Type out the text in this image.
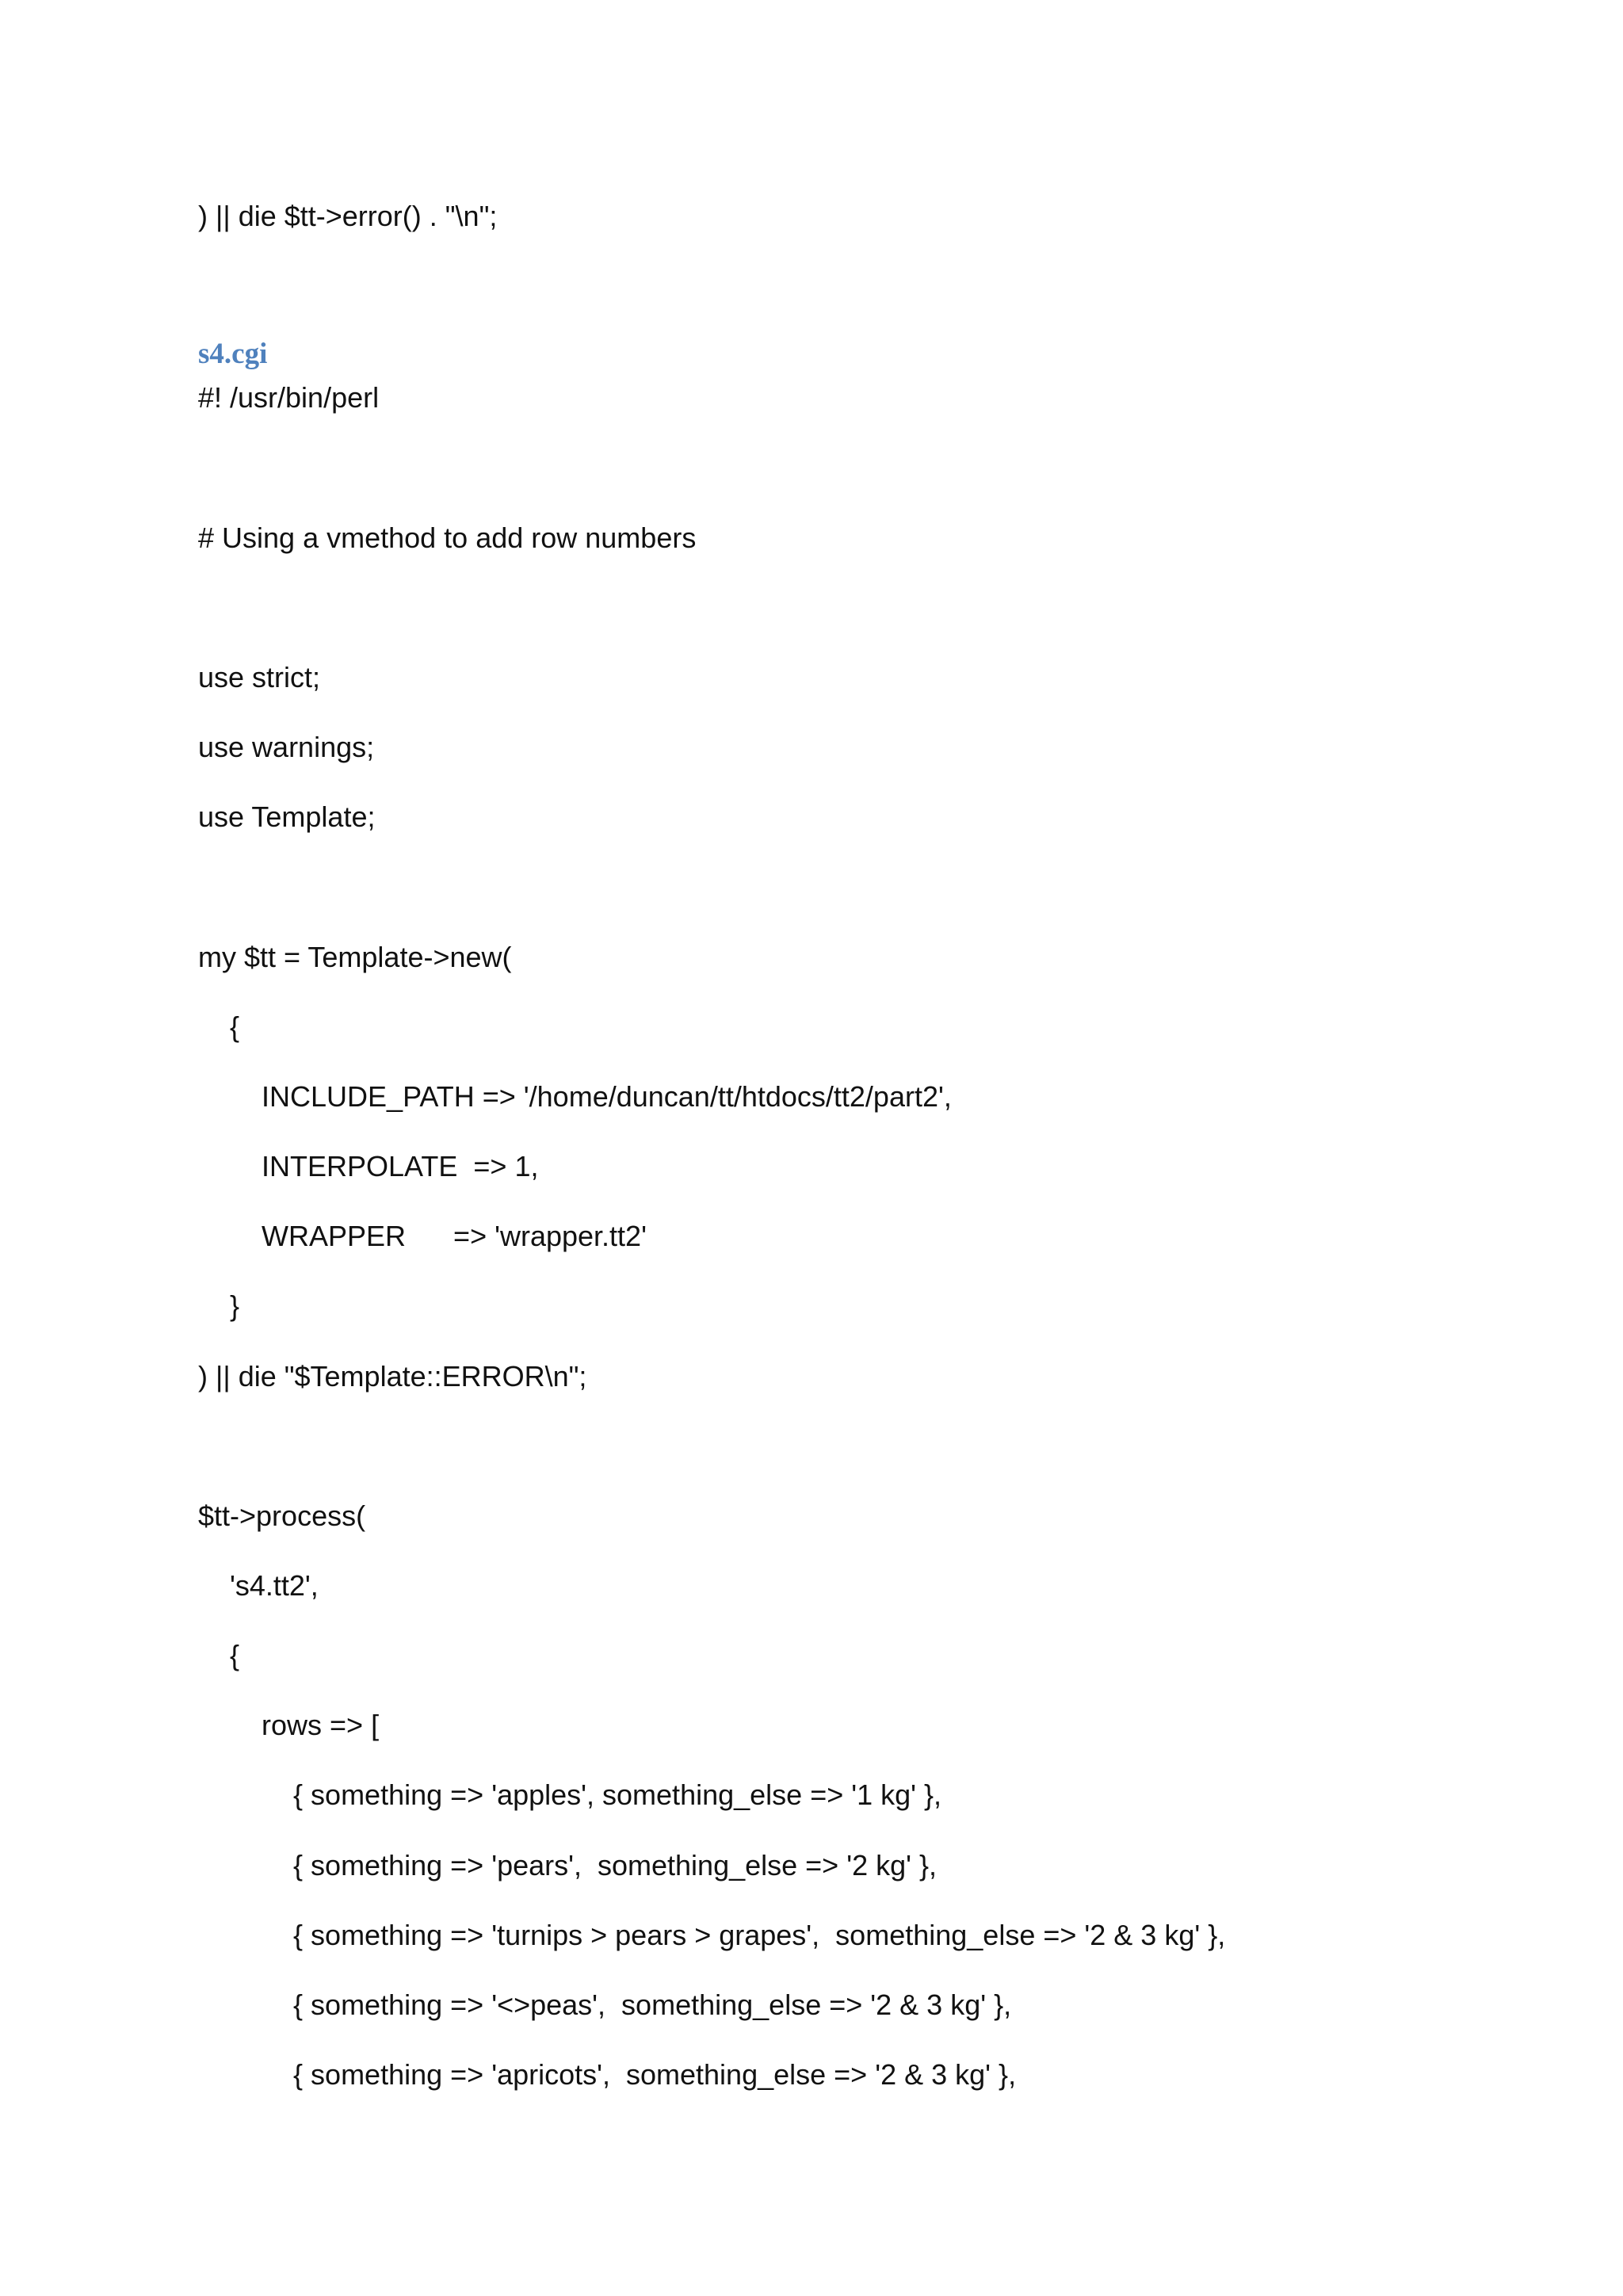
) || die $tt->error() . "\n";

s4.cgi

#! /usr/bin/perl

# Using a vmethod to add row numbers

use strict;

use warnings;

use Template;

my $tt = Template->new(

{

INCLUDE_PATH => '/home/duncan/tt/htdocs/tt2/part2',

INTERPOLATE  => 1,

WRAPPER      => 'wrapper.tt2'

}

) || die "$Template::ERROR\n";

$tt->process(

's4.tt2',

{

rows => [

{ something => 'apples', something_else => '1 kg' },

{ something => 'pears',  something_else => '2 kg' },

{ something => 'turnips > pears > grapes',  something_else => '2 & 3 kg' },

{ something => '<>peas',  something_else => '2 & 3 kg' },

{ something => 'apricots',  something_else => '2 & 3 kg' },
